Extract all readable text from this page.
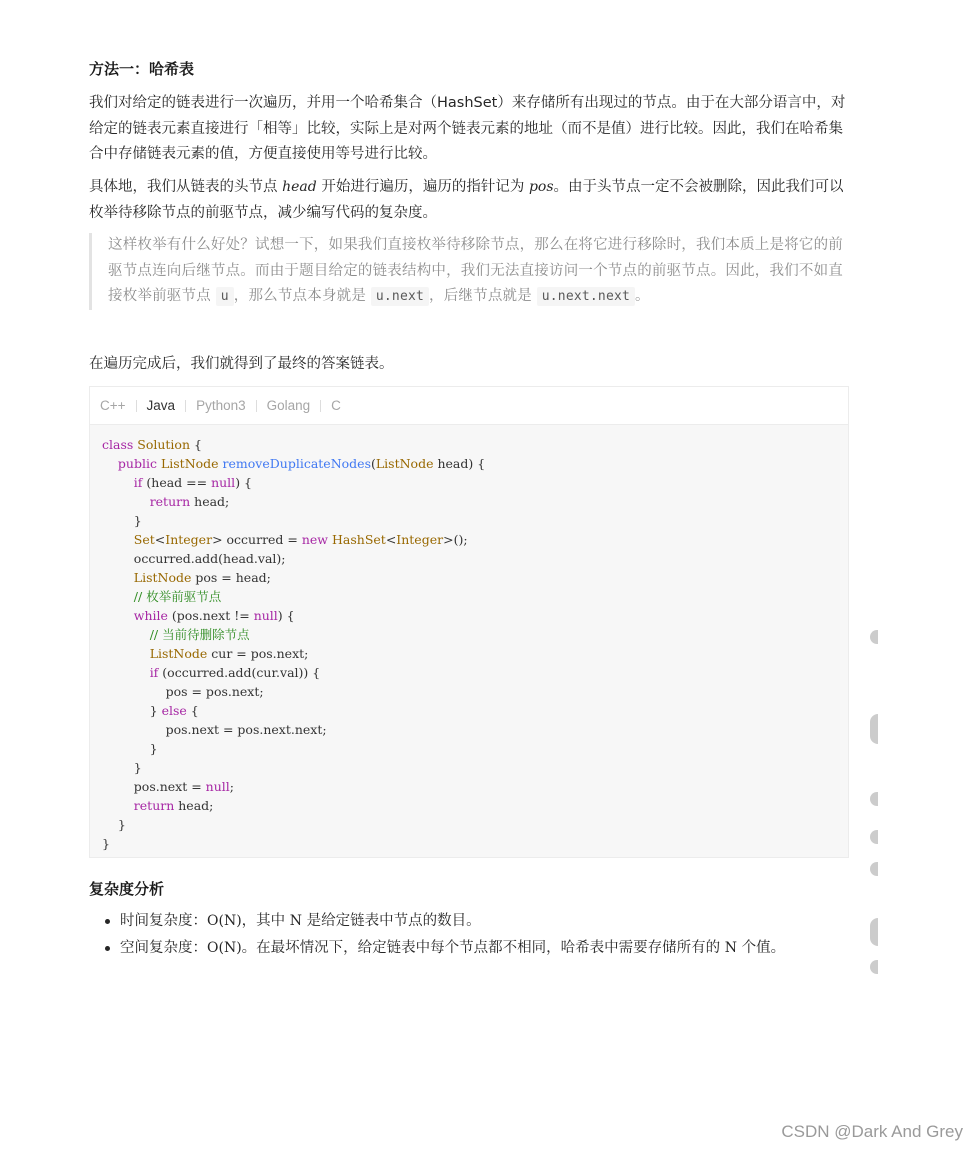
方法一：哈希表
我们对给定的链表进行一次遍历，并用一个哈希集合（HashSet）来存储所有出现过的节点。由于在大部分语言中，对给定的链表元素直接进行「相等」比较，实际上是对两个链表元素的地址（而不是值）进行比较。因此，我们在哈希集合中存储链表元素的值，方便直接使用等号进行比较。
具体地，我们从链表的头节点 head 开始进行遍历，遍历的指针记为 pos。由于头节点一定不会被删除，因此我们可以枚举待移除节点的前驱节点，减少编写代码的复杂度。
这样枚举有什么好处？试想一下，如果我们直接枚举待移除节点，那么在将它进行移除时，我们本质上是将它的前驱节点连向后继节点。而由于题目给定的链表结构中，我们无法直接访问一个节点的前驱节点。因此，我们不如直接枚举前驱节点 u ，那么节点本身就是 u.next ，后继节点就是 u.next.next 。
在遍历完成后，我们就得到了最终的答案链表。
C++ Java Python3 Golang C
class Solution {
public ListNode removeDuplicateNodes(ListNode head) {
if (head == null) {
return head;
}
Set<Integer> occurred = new HashSet<Integer>();
occurred.add(head.val);
ListNode pos = head;
// 枚举前驱节点
while (pos.next != null) {
// 当前待删除节点
ListNode cur = pos.next;
if (occurred.add(cur.val)) {
pos = pos.next;
} else {
pos.next = pos.next.next;
}
}
pos.next = null;
return head;
}
}
复杂度分析
时间复杂度：O(N)，其中 N 是给定链表中节点的数目。
空间复杂度：O(N)。在最坏情况下，给定链表中每个节点都不相同，哈希表中需要存储所有的 N 个值。
CSDN @Dark And Grey
